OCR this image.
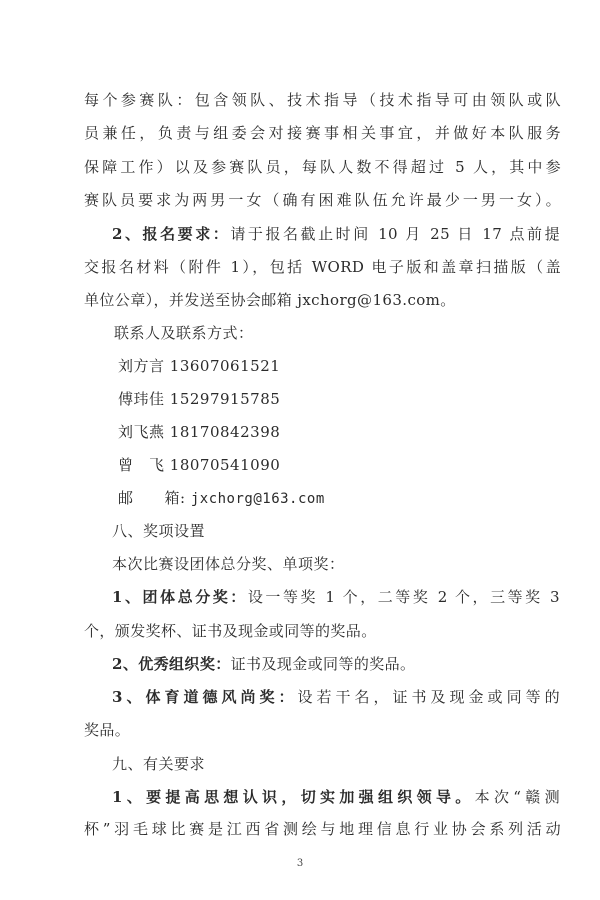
每个参赛队：包含领队、技术指导（技术指导可由领队或队
员兼任，负责与组委会对接赛事相关事宜，并做好本队服务
保障工作）以及参赛队员，每队人数不得超过 5 人，其中参
赛队员要求为两男一女（确有困难队伍允许最少一男一女）。
2、报名要求：请于报名截止时间 10 月 25 日 17 点前提
交报名材料（附件 1），包括 WORD 电子版和盖章扫描版（盖
单位公章），并发送至协会邮箱 jxchorg@163.com。
联系人及联系方式：
刘方言 13607061521
傅玮佳 15297915785
刘飞燕 18170842398
曾　飞 18070541090
邮　　箱: jxchorg@163.com
八、奖项设置
本次比赛设团体总分奖、单项奖：
1、团体总分奖：设一等奖 1 个，二等奖 2 个，三等奖 3
个，颁发奖杯、证书及现金或同等的奖品。
2、优秀组织奖：证书及现金或同等的奖品。
3、体育道德风尚奖：设若干名，证书及现金或同等的
奖品。
九、有关要求
1、要提高思想认识，切实加强组织领导。本次“赣测
杯”羽毛球比赛是江西省测绘与地理信息行业协会系列活动
3
